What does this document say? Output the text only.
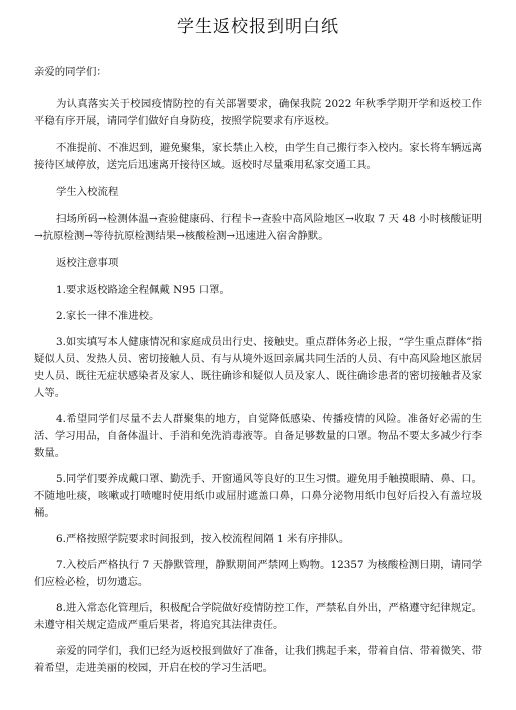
学生返校报到明白纸

亲爱的同学们：

为认真落实关于校园疫情防控的有关部署要求，确保我院 2022 年秋季学期开学和返校工作平稳有序开展，请同学们做好自身防疫，按照学院要求有序返校。

不准提前、不准迟到，避免聚集，家长禁止入校，由学生自己搬行李入校内。家长将车辆远离接待区域停放，送完后迅速离开接待区域。返校时尽量乘用私家交通工具。

学生入校流程

扫场所码→检测体温→查验健康码、行程卡→查验中高风险地区→收取 7 天 48 小时核酸证明→抗原检测→等待抗原检测结果→核酸检测→迅速进入宿舍静默。

返校注意事项

1.要求返校路途全程佩戴 N95 口罩。

2.家长一律不准进校。

3.如实填写本人健康情况和家庭成员出行史、接触史。重点群体务必上报，“学生重点群体”指疑似人员、发热人员、密切接触人员、有与从境外返回亲属共同生活的人员、有中高风险地区旅居史人员、既往无症状感染者及家人、既往确诊和疑似人员及家人、既往确诊患者的密切接触者及家人等。

4.希望同学们尽量不去人群聚集的地方，自觉降低感染、传播疫情的风险。准备好必需的生活、学习用品，自备体温计、手消和免洗消毒液等。自备足够数量的口罩。物品不要太多减少行李数量。

5.同学们要养成戴口罩、勤洗手、开窗通风等良好的卫生习惯。避免用手触摸眼睛、鼻、口。不随地吐痰，咳嗽或打喷嚏时使用纸巾或屈肘遮盖口鼻，口鼻分泌物用纸巾包好后投入有盖垃圾桶。

6.严格按照学院要求时间报到，按入校流程间隔 1 米有序排队。

7.入校后严格执行 7 天静默管理，静默期间严禁网上购物。12357 为核酸检测日期，请同学们应检必检，切勿遗忘。

8.进入常态化管理后，积极配合学院做好疫情防控工作，严禁私自外出，严格遵守纪律规定。未遵守相关规定造成严重后果者，将追究其法律责任。

亲爱的同学们，我们已经为返校报到做好了准备，让我们携起手来，带着自信、带着微笑、带着希望，走进美丽的校园，开启在校的学习生活吧。
